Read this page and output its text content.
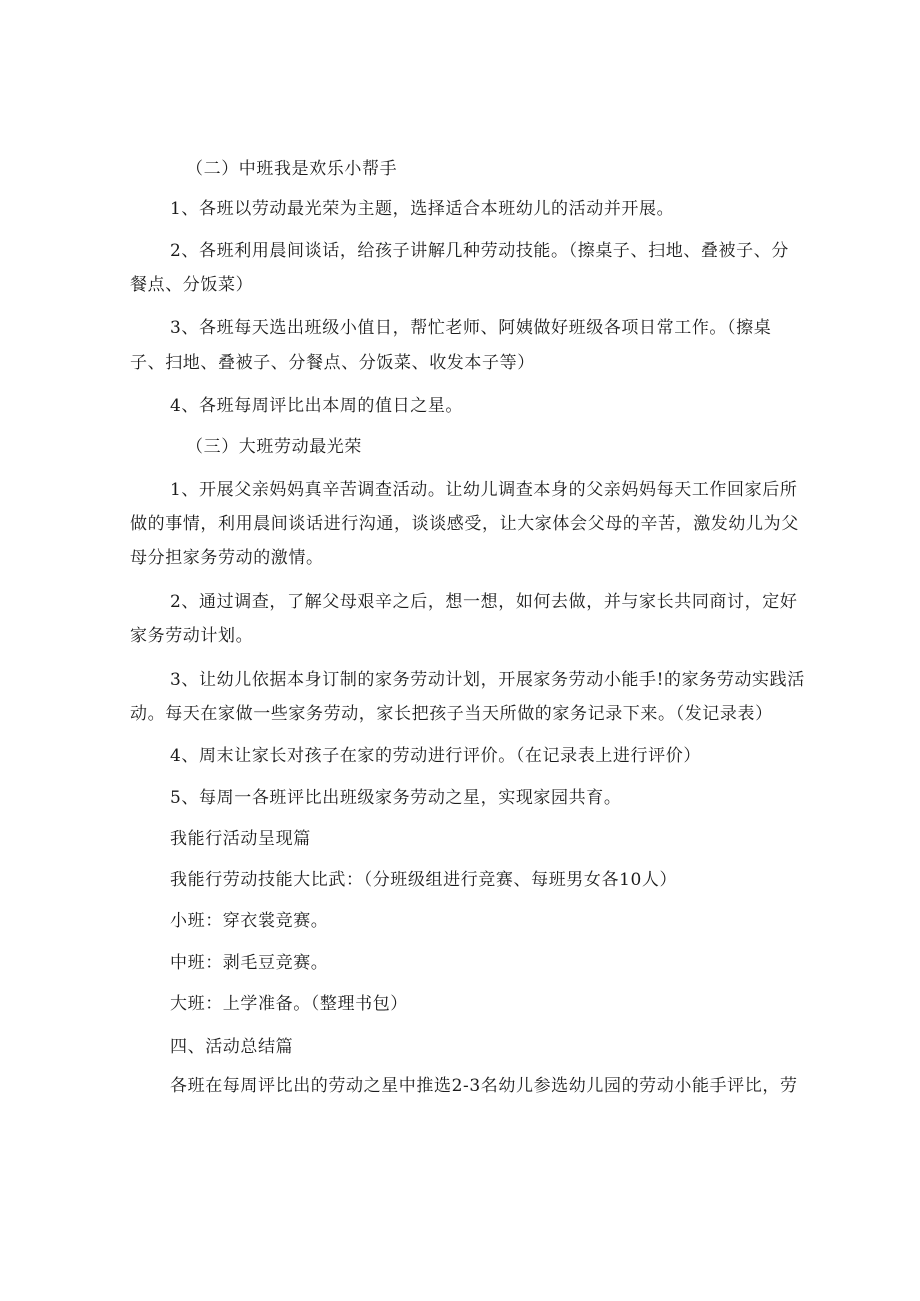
（二）中班我是欢乐小帮手
1、各班以劳动最光荣为主题，选择适合本班幼儿的活动并开展。
2、各班利用晨间谈话，给孩子讲解几种劳动技能。（擦桌子、扫地、叠被子、分
餐点、分饭菜）
3、各班每天选出班级小值日，帮忙老师、阿姨做好班级各项日常工作。（擦桌
子、扫地、叠被子、分餐点、分饭菜、收发本子等）
4、各班每周评比出本周的值日之星。
（三）大班劳动最光荣
1、开展父亲妈妈真辛苦调查活动。让幼儿调查本身的父亲妈妈每天工作回家后所
做的事情，利用晨间谈话进行沟通，谈谈感受，让大家体会父母的辛苦，激发幼儿为父
母分担家务劳动的激情。
2、通过调查，了解父母艰辛之后，想一想，如何去做，并与家长共同商讨，定好
家务劳动计划。
3、让幼儿依据本身订制的家务劳动计划，开展家务劳动小能手!的家务劳动实践活
动。每天在家做一些家务劳动，家长把孩子当天所做的家务记录下来。（发记录表）
4、周末让家长对孩子在家的劳动进行评价。（在记录表上进行评价）
5、每周一各班评比出班级家务劳动之星，实现家园共育。
我能行活动呈现篇
我能行劳动技能大比武：（分班级组进行竞赛、每班男女各10人）
小班：穿衣裳竞赛。
中班：剥毛豆竞赛。
大班：上学准备。（整理书包）
四、活动总结篇
各班在每周评比出的劳动之星中推选2-3名幼儿参选幼儿园的劳动小能手评比，劳
